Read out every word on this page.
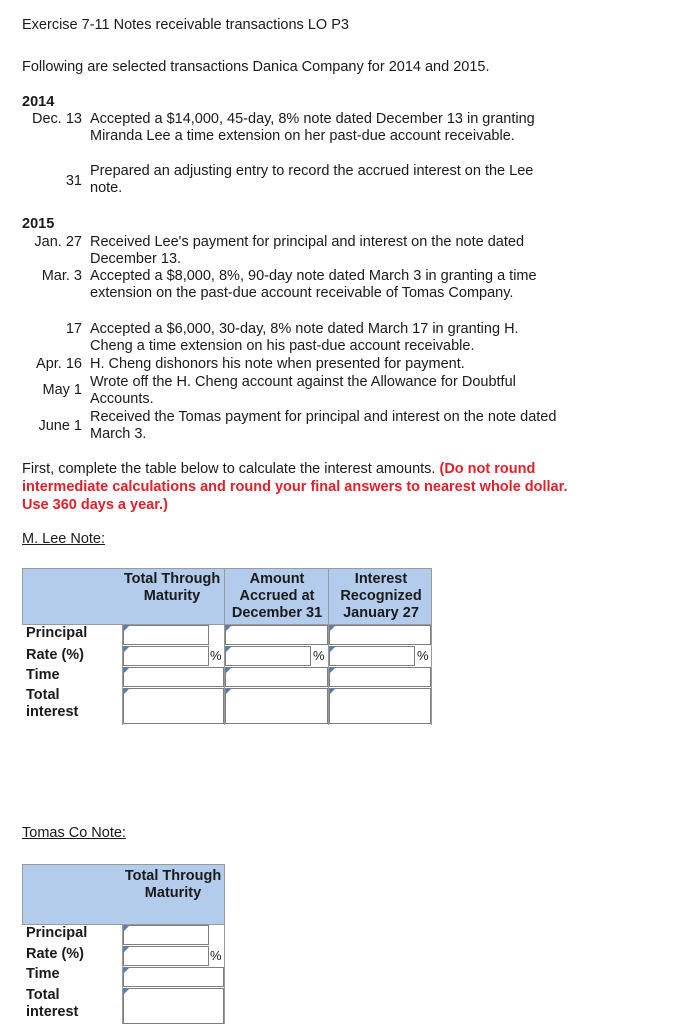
Exercise 7-11 Notes receivable transactions LO P3
Following are selected transactions Danica Company for 2014 and 2015.
2014
Dec. 13 Accepted a $14,000, 45-day, 8% note dated December 13 in granting Miranda Lee a time extension on her past-due account receivable.
31
Prepared an adjusting entry to record the accrued interest on the Lee note.
2015
Jan. 27 Received Lee's payment for principal and interest on the note dated December 13.
Mar. 3 Accepted a $8,000, 8%, 90-day note dated March 3 in granting a time extension on the past-due account receivable of Tomas Company.
17 Accepted a $6,000, 30-day, 8% note dated March 17 in granting H. Cheng a time extension on his past-due account receivable.
Apr. 16 H. Cheng dishonors his note when presented for payment.
May 1 Wrote off the H. Cheng account against the Allowance for Doubtful Accounts.
June 1
Received the Tomas payment for principal and interest on the note dated March 3.
First, complete the table below to calculate the interest amounts. (Do not round intermediate calculations and round your final answers to nearest whole dollar. Use 360 days a year.)
M. Lee Note:
Total Through Maturity
Amount Accrued at December 31
Interest Recognized January 27
Principal
Rate (%)
Time
Total interest
%	%	%
Tomas Co Note:
Total Through Maturity
Principal
Rate (%)
Time
Total interest
%
